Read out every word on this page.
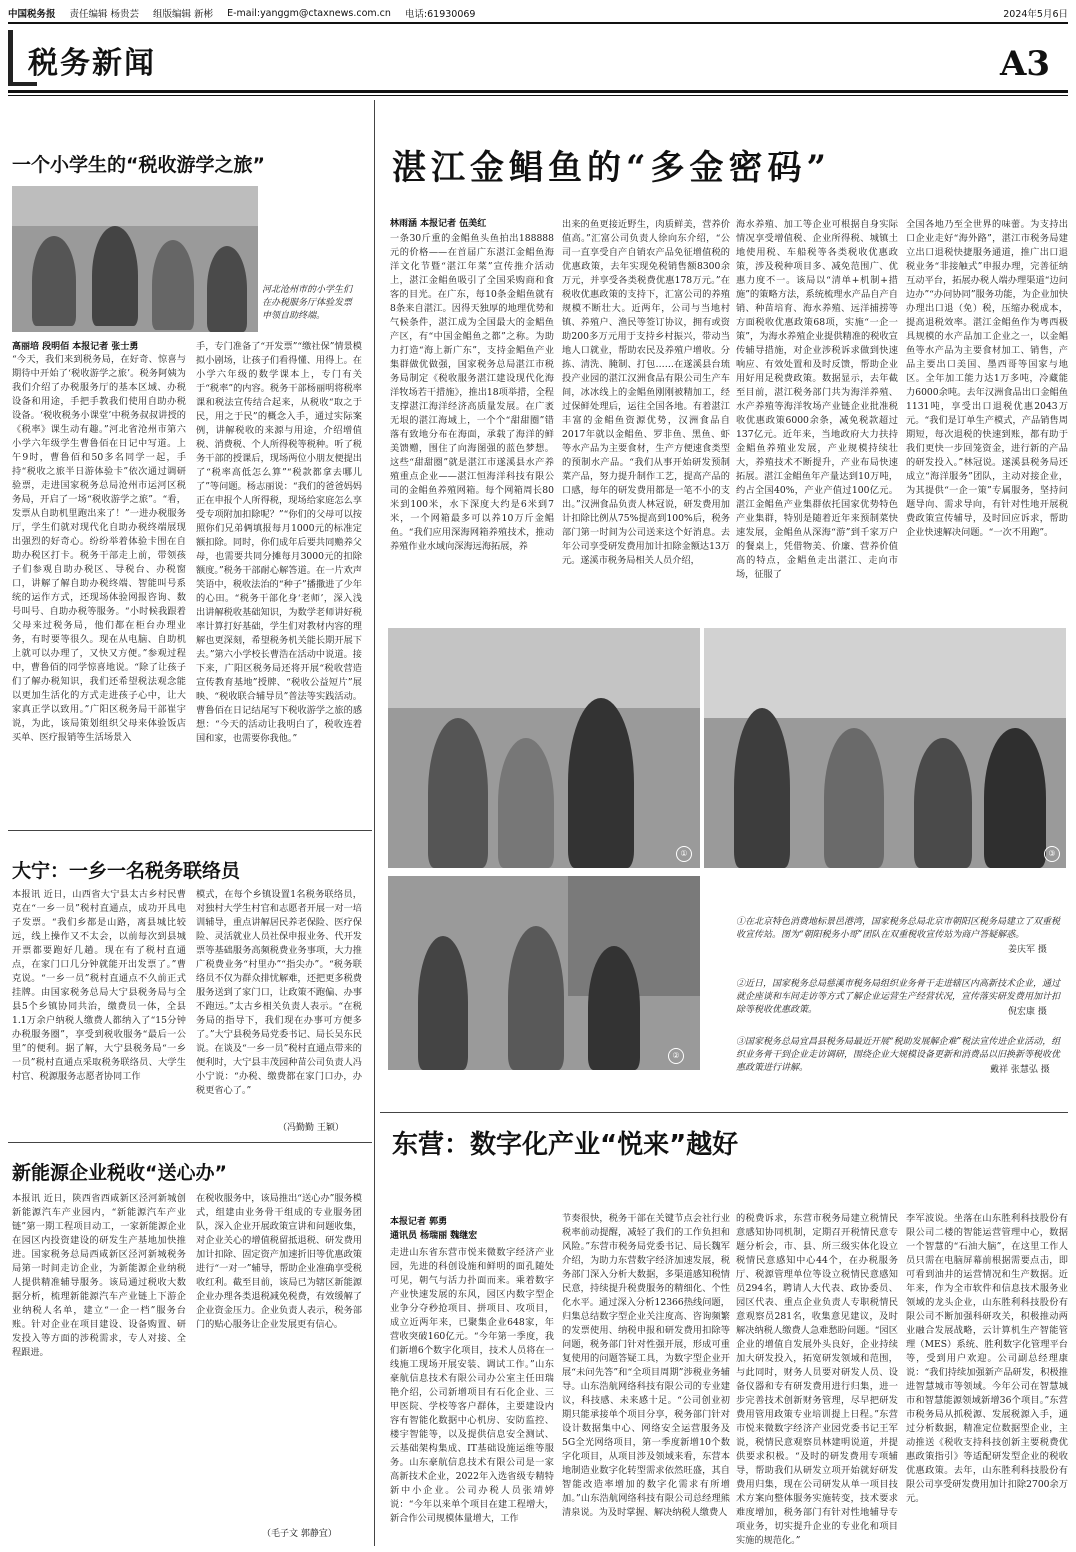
中国税务报 责任编辑 杨贵芸 组版编辑 新彬 E-mail:yanggm@ctaxnews.com.cn 电话:61930069	2024年5月6日
税务新闻	A3
一个小学生的“税收游学之旅”
河北沧州市的小学生们在办税服务厅体验发票申领自助终端。
高丽培 段明佰 本报记者 张士勇
“今天，我们来到税务局，在好奇、惊喜与期待中开始了‘税收游学之旅’。税务阿姨为我们介绍了办税服务厅的基本区域、办税设备和用途，手把手教我们使用自助办税设备。‘税收税务小课堂’中税务叔叔讲授的《税率》课生动有趣。”河北省沧州市第六小学六年级学生曹鲁佰在日记中写道。上午9时，曹鲁佰和50多名同学一起，手持“税收之旅半日游体验卡”依次通过调研验票，走进国家税务总局沧州市运河区税务局，开启了一场“税收游学之旅”。“看，发票从自助机里跑出来了！”一进办税服务厅，学生们就对现代化自助办税终端展现出强烈的好奇心。纷纷举着体验卡围在自助办税区打卡。税务干部走上前，带领孩子们参观自助办税区、导税台、办税窗口，讲解了解自助办税终端、智能叫号系统的运作方式，还现场体验网报咨询、数号叫号、自助办税等服务。“小时候我跟着父母来过税务局，他们都在柜台办理业务，有时要等很久。现在从电脑、自助机上就可以办理了，又快又方便。”参观过程中，曹鲁佰的同学惊喜地说。“除了让孩子们了解办税知识，我们还希望税法观念能以更加生活化的方式走进孩子心中，让大家真正学以致用。”广阳区税务局干部崔宇说，为此，该局策划组织父母来体验饭店买单、医疗报销等生活场景入
手，专门准备了“开发票”“缴社保”情景模拟小剧场，让孩子们看得懂、用得上。在小学六年级的数学课本上，专门有关于“税率”的内容。税务干部杨丽明将税率课和税法宣传结合起来，从税收“取之于民，用之于民”的概念入手，通过实际案例，讲解税收的来源与用途，介绍增值税、消费税、个人所得税等税种。听了税务干部的授课后，现场两位小朋友便提出了“税率高低怎么算”“税款都拿去哪儿了”等问题。杨志丽说：“我们的爸爸妈妈正在申报个人所得税，现场给家庭怎么享受专项附加扣除呢？”“你们的父母可以按照你们兄弟俩填报每月1000元的标准定额扣除。同时，你们成年后要共同赡养父母，也需要共同分摊每月3000元的扣除额度。”税务干部耐心解答道。在一片欢声笑语中，税收法治的“种子”播撒进了少年的心田。“税务干部化身‘老师’，深入浅出讲解税收基础知识，为数学老师讲好税率计算打好基础，学生们对教材内容的理解也更深刻，希望税务机关能长期开展下去。”第六小学校长曹浩在活动中说道。接下来，广阳区税务局还将开展“税收营造宣传教育基地”授牌、“税收公益短片”展映、“税收联合辅导员”普法等实践活动。曹鲁佰在日记结尾写下税收游学之旅的感想：“今天的活动让我明白了，税收连着国和家，也需要你我他。”
大宁：一乡一名税务联络员
本报讯 近日，山西省大宁县太古乡村民曹克在“一乡一员”税村直通点，成功开具电子发票。“我们乡都是山路，离县城比较远，线上操作又不太会，以前每次到县城开票都要跑好几趟。现在有了税村直通点，在家门口几分钟就能开出发票了。”曹克说。“一乡一员”税村直通点不久前正式挂牌。由国家税务总局大宁县税务局与全县5个乡镇协同共治，缴费员一体，全县1.1万余户纳税人缴费人都纳入了“15分钟办税服务圈”，享受到税收服务“最后一公里”的便利。据了解，大宁县税务局“一乡一员”税村直通点采取税务联络员、大学生村官、税源服务志愿者协同工作
模式，在每个乡镇设置1名税务联络员，对独村大学生村官和志愿者开展一对一培训辅导，重点讲解居民养老保险、医疗保险、灵活就业人员社保申报业务、代开发票等基础服务高频税费业务事项，大力推广税费业务“村里办”“指尖办”。“税务联络员不仅为群众排忧解难，还把更多税费服务送到了家门口，让政策不跑偏、办事不跑远。”太古乡相关负责人表示。“在税务局的指导下，我们现在办事可方便多了。”大宁县税务局党委书记、局长吴东民说。在谈及“一乡一员”税村直通点带来的便利时，大宁县丰茂园种苗公司负责人冯小宁说：“办税、缴费都在家门口办，办税更省心了。”
（冯勤勤 王颖）
新能源企业税收“送心办”
本报讯 近日，陕西省西咸新区泾河新城创新能源汽车产业园内，“新能源汽车产业链”第一期工程项目动工，一家新能源企业在园区内投资建设的研发生产基地加快推进。国家税务总局西咸新区泾河新城税务局第一时间走访企业，为新能源企业纳税人提供精准辅导服务。该局通过税收大数据分析，梳理新能源汽车产业链上下游企业纳税人名单，建立“一企一档”服务台账。针对企业在项目建设、设备购置、研发投入等方面的涉税需求，专人对接、全程跟进。
在税收服务中，该局推出“送心办”服务模式，组建由业务骨干组成的专业服务团队，深入企业开展政策宣讲和问题收集，对企业关心的增值税留抵退税、研发费用加计扣除、固定资产加速折旧等优惠政策进行“一对一”辅导，帮助企业准确享受税收红利。截至目前，该局已为辖区新能源企业办理各类退税减免税费，有效缓解了企业资金压力。企业负责人表示，税务部门的贴心服务让企业发展更有信心。
（毛子文 郭静宜）
湛江金鲳鱼的“多金密码”
林雨涵 本报记者 伍美红
一条30斤重的金鲳鱼头鱼拍出188888元的价格——在首届广东湛江金鲳鱼海洋文化节暨“湛江年菜”宣传推介活动上，湛江金鲳鱼吸引了全国采购商和食客的目光。在广东，每10条金鲳鱼就有8条来自湛江。因得天独厚的地理优势和气候条件，湛江成为全国最大的金鲳鱼产区，有“中国金鲳鱼之都”之称。为助力打造“海上新广东”，支持金鲳鱼产业集群做优做强，国家税务总局湛江市税务局制定《税收服务湛江建设现代化海洋牧场若干措施》，推出18项举措，全程支撑湛江海洋经济高质量发展。在广袤无垠的湛江海域上，一个个“甜甜圈”错落有致地分布在海面，承载了海洋的鲜美馈赠，围住了向海图强的蓝色梦想。这些“甜甜圈”就是湛江市遂溪县水产养殖重点企业——湛江恒海洋科技有限公司的金鲳鱼养殖网箱。每个网箱周长80米到100米，水下深度大约是6米到7米，一个网箱最多可以养10万斤金鲳鱼。“我们应用深海网箱养殖技术，推动养殖作业水域向深海远海拓展，养
出来的鱼更接近野生，肉质鲜美，营养价值高。”汇富公司负责人徐向东介绍，“公司一直享受自产自销农产品免征增值税的优惠政策，去年实现免税销售额8300余万元，并享受各类税费优惠178万元。”在税收优惠政策的支持下，汇富公司的养殖规模不断壮大。近两年，公司与当地村镇、养殖户、渔民等签订协议，拥有或资助200多万元用于支持乡村振兴，带动当地人口就业，帮助农民及养殖户增收。分拣、清洗、腌制、打包……在遂溪县台琉投产业园的湛江汉洲食品有限公司生产车间，冰冰线上的金鲳鱼刚刚被精加工，经过保鲜处理后，运往全国各地。有着湛江丰富的金鲳鱼资源优势，汉洲食品自2017年就以金鲳鱼、罗非鱼、黑鱼、虾等水产品为主要食材，生产方便速食类型的预制水产品。“我们从事开始研发预制菜产品，努力提升制作工艺，提高产品的口感，每年的研发费用都是一笔不小的支出。”汉洲食品负责人林冠说，研发费用加计扣除比例从75%提高到100%后，税务部门第一时间为公司送来这个好消息。去年公司享受研发费用加计扣除金额达13万元。遂溪市税务局相关人员介绍，
海水养殖、加工等企业可根据自身实际情况享受增值税、企业所得税、城镇土地使用税、车船税等各类税收优惠政策，涉及税种项目多、减免范围广、优惠力度不一。该局以“清单+机制+措施”的策略方法，系统梳理水产品自产自销、种苗培育、海水养殖、远洋捕捞等方面税收优惠政策68项，实施“一企一策”，为海水养殖企业提供精准的税收宣传辅导措施，对企业涉税诉求做到快速响应、有效处置和及时反馈，帮助企业用好用足税费政策。数据显示，去年截至目前，湛江税务部门共为海洋养殖、水产养殖等海洋牧场产业链企业批准税收优惠政策6000余条，减免税款超过137亿元。近年来，当地政府大力扶持金鲳鱼养殖业发展，产业规模持续壮大，养殖技术不断提升，产业布局快速拓展。湛江金鲳鱼年产量达到10万吨，约占全国40%，产业产值过100亿元。湛江金鲳鱼产业集群依托国家优势特色产业集群，特别是随着近年来预制菜快速发展，金鲳鱼从深海“游”到千家万户的餐桌上，凭借物美、价廉、营养价值高的特点，金鲳鱼走出湛江、走向市场，征服了
全国各地乃至全世界的味蕾。为支持出口企业走好“海外路”，湛江市税务局建立出口退税快捷服务通道，推广出口退税业务“非接触式”申报办理，完善征纳互动平台，拓展办税人端办理渠道“边问边办”“办问协同”服务功能，为企业加快办理出口退（免）税，压缩办税成本，提高退税效率。湛江金鲳鱼作为粤西极具规模的水产品加工企业之一，以金鲳鱼等水产品为主要食材加工、销售，产品主要出口美国、墨西哥等国家与地区。全年加工能力达1万多吨，冷藏能力6000余吨。去年汉洲食品出口金鲳鱼1131吨，享受出口退税优惠2043万元。“我们是订单生产模式，产品销售周期短，每次退税的快速到账，都有助于我们更快一步回笼资金，进行新的产品的研发投入。”林冠说。遂溪县税务局还成立“海洋服务”团队，主动对接企业，为其提供“一企一策”专属服务，坚持问题导向、需求导向，有针对性地开展税费政策宣传辅导，及时回应诉求，帮助企业快速解决问题。“一次不用跑”。
①	③
②
①在北京特色消费地标景邑港湾，国家税务总局北京市朝阳区税务局建立了双重税收宣传站。图为“朝阳税务小哥”团队在双重税收宣传站为商户答疑解惑。
姜庆军 摄
②近日，国家税务总局慈溪市税务局组织业务骨干走进辖区内高新技术企业，通过就企座谈和车间走访等方式了解企业运营生产经营状况，宣传落实研发费用加计扣除等税收优惠政策。	倪宏康 摄
③国家税务总局宜昌县税务局最近开展“税助发展解企难”税法宣传进企业活动，组织业务骨干到企业走访调研，围绕企业大规模设备更新和消费品以旧换新等税收优惠政策进行讲解。	戴祥 张慧弘 摄
东营：数字化产业“悦来”越好
本报记者 郭勇
通讯员 杨瑞丽 魏继宏
走进山东省东营市悦来微数字经济产业园，先进的科创设施和鲜明的面孔随处可见，朝气与活力扑面而来。乘着数字产业快速发展的东风，园区内数字型企业争分夺秒抢项目、拼项目、攻项目，成立近两年来，已聚集企业648家，年营收突破160亿元。“今年第一季度，我们新增6个数字化项目，技术人员将在一线施工现场开展安装、调试工作。”山东豪航信息技术有限公司办公室主任田瑞艳介绍，公司新增项目有石化企业、三甲医院、学校等客户群体，主要建设内容有智能化数据中心机房、安防监控、楼宇智能等，以及提供信息安全测试、云基础架构集成、IT基础设施运维等服务。山东豪航信息技术有限公司是一家高新技术企业，2022年入选省级专精特新中小企业。公司办税人员张靖婷说：“今年以来单个项目在建工程增大，新合作公司规模体量增大，工作
节奏很快，税务干部在关键节点会社行业税率前动提醒，减轻了我们的工作负担和风险。”东营市税务局党委书记、局长魏军介绍，为助力东营数字经济加速发展，税务部门深入分析大数据，多渠道感知税情民意，持续提升税费服务的精细化、个性化水平。通过深入分析12366热线问题，归集总结数字型企业关注度高、咨询频繁的发票使用、纳税申报和研发费用扣除等问题，税务部门针对性强开展，形成可重复使用的问题答疑工具，为数字型企业开展“未问先答”和“全项目周期”涉税业务辅导。山东浩航网络科技有限公司的专业建议，科技感、未来感十足。“公司创业初期只能承接单个项目分享，税务部门针对设计数据集中心、网络安全运营服务及5G全光网络项目，第一季度新增10个数字化项目，从项目涉及领域来看，东营本地制造业数字化转型需求依然旺盛，其自智能改造率增加的数字化需求有所增加。”山东浩航网络科技有限公司总经理熊清泉说。为及时掌握、解决纳税人缴费人
的税费诉求，东营市税务局建立税情民意感知协同机制，定期召开税情民意专题分析会，市、县、所三级实体化设立税情民意感知中心44个，在办税服务厅、税源管理单位等设立税情民意感知员294名，聘请人大代表、政协委员、园区代表、重点企业负责人专职税情民意观察员281名，收集意见建议，及时解决纳税人缴费人急难愁盼问题。“园区企业的增值自发展外头良好，企业持续加大研发投入，拓宽研发领域和范围，与此同时，财务人员要对研发人员、设备仪器和专有研发费用进行归集，进一步完善技术创新财务管理，尽早把研发费用管用政策专业培训提上日程。”东营市悦来微数字经济产业园党委书记王军说，税情民意观察员林建明说道，并提供要求积极。“及时的研发费用专项辅导，帮助我们从研发立项开始就好研发费用归集，现在公司研发从单一项目技术方案向整体服务实施转变，技术要求难度增加，税务部门有针对性地辅导专项业务，切实提升企业的专业化和项目实施的规范化。”
李军波说。坐落在山东胜利科技股份有限公司二楼的智能运营管理中心，数据一个智慧的“石油大脑”，在这里工作人员只需在电脑屏幕前根据需要点击，即可看到油井的运营情况和生产数据。近年来，作为全市软件和信息技术服务业领域的龙头企业，山东胜利科技股份有限公司不断加强科研攻关，积极推动两业融合发展战略，云计算机生产智能管理（MES）系统、胜利数字化管理平台等，受到用户欢迎。公司副总经理康说：“我们持续加强新产品研发，积极推进智慧城市等领域。今年公司在智慧城市和智慧能源领域新增36个项目。”东营市税务局从抓税源、发展税源入手，通过分析数据，精准定位数据型企业，主动推送《税收支持科技创新主要税费优惠政策指引》等适配研发型企业的税收优惠政策。去年，山东胜利科技股份有限公司享受研发费用加计扣除2700余万元。
